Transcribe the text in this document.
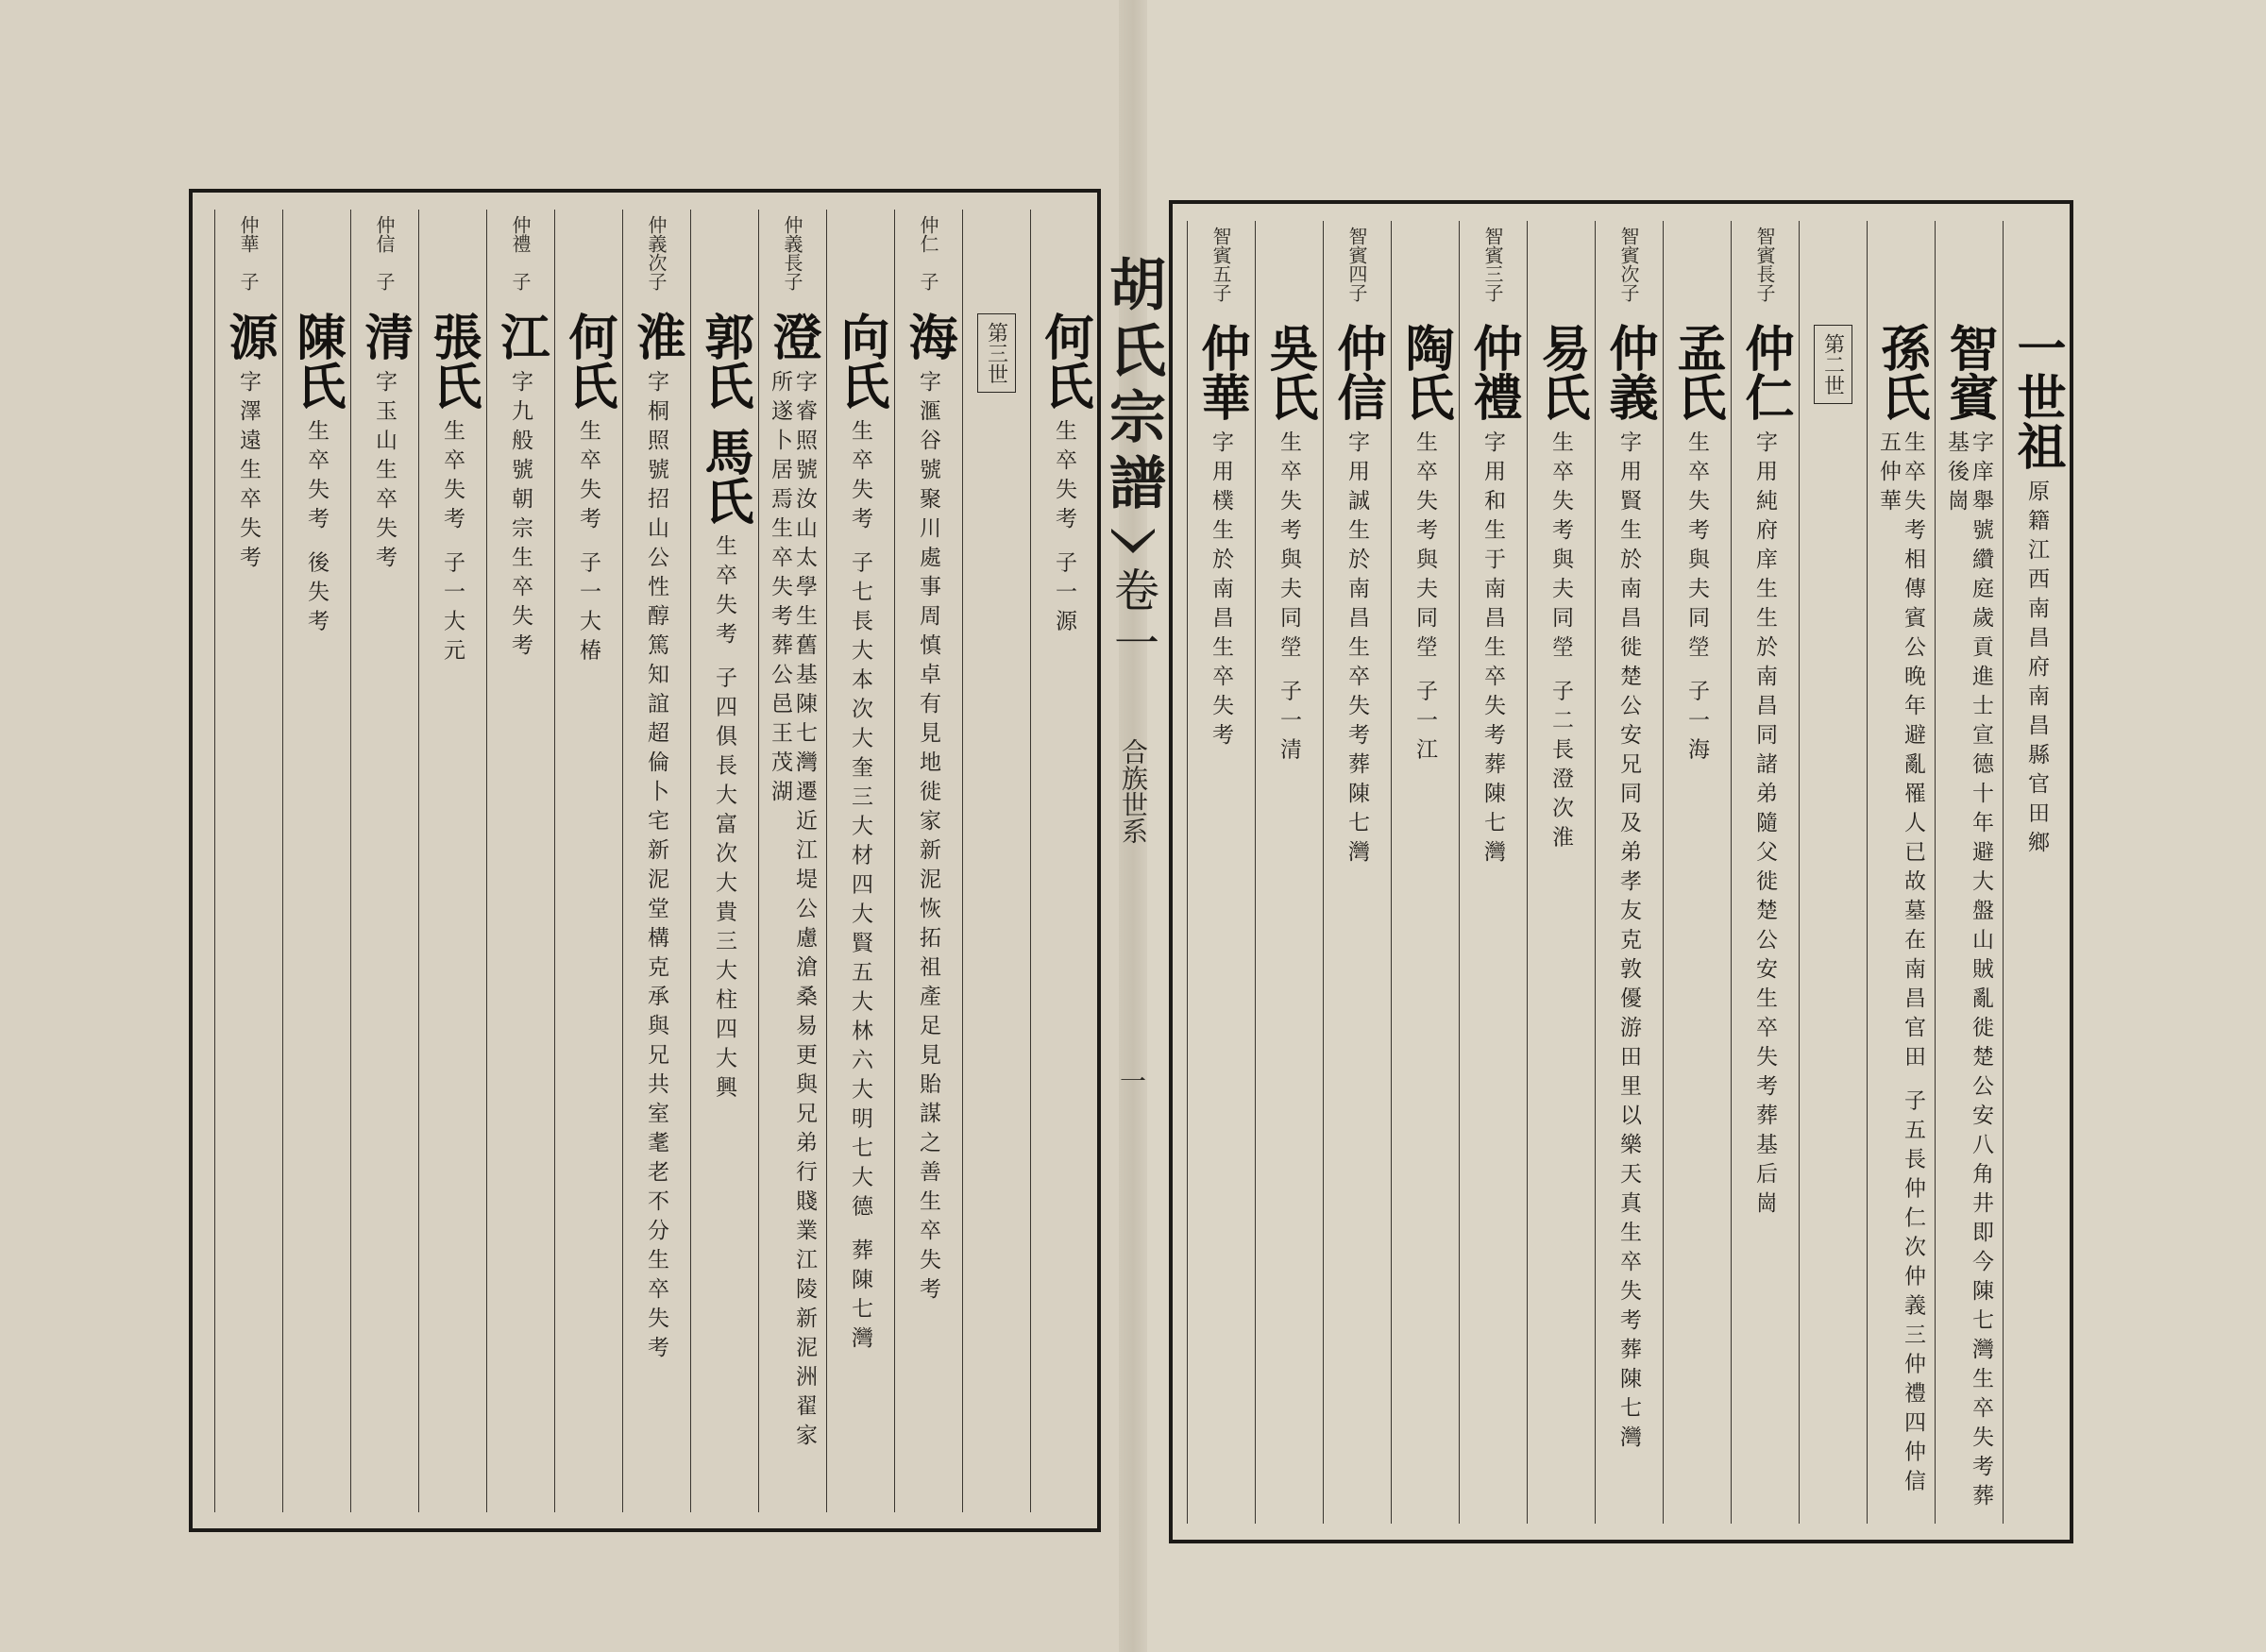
一世祖
原籍江西南昌府南昌縣官田鄉
智賓
字庠舉號纘庭歲貢進士宣德十年避大盤山賊亂徙楚公安八角井即今陳七灣生卒失考葬基後崗
孫氏
生卒失考相傳賓公晚年避亂罹人已故墓在南昌官田 子五長仲仁次仲義三仲禮四仲信五仲華
第二世
智賓長子
仲仁
字用純府庠生生於南昌同諸弟隨父徙楚公安生卒失考葬基后崗
孟氏
生卒失考與夫同塋 子一海
智賓次子
仲義
字用賢生於南昌徙楚公安兄同及弟孝友克敦優游田里以樂天真生卒失考葬陳七灣
易氏
生卒失考與夫同塋 子二長澄次淮
智賓三子
仲禮
字用和生于南昌生卒失考葬陳七灣
陶氏
生卒失考與夫同塋 子一江
智賓四子
仲信
字用誠生於南昌生卒失考葬陳七灣
吳氏
生卒失考與夫同塋 子一清
智賓五子
仲華
字用樸生於南昌生卒失考
胡氏宗譜
卷一
合族世系
一
何氏
生卒失考 子一源
第三世
仲仁　子
海
字滙谷號聚川處事周慎卓有見地徙家新泥恢拓祖產足見貽謀之善生卒失考
向氏
生卒失考 子七長大本次大奎三大材四大賢五大林六大明七大德 葬陳七灣
仲義長子
澄
字睿照號汝山太學生舊基陳七灣遷近江堤公慮滄桑易更與兄弟行賤業江陵新泥洲翟家所遂卜居焉生卒失考葬公邑王茂湖
郭氏 馬氏
生卒失考 子四俱長大富次大貴三大柱四大興
仲義次子
淮
字桐照號招山公性醇篤知誼超倫卜宅新泥堂構克承與兄共室耄老不分生卒失考
何氏
生卒失考 子一大椿
仲禮　子
江
字九般號朝宗生卒失考
張氏
生卒失考 子一大元
仲信　子
清
字玉山生卒失考
陳氏
生卒失考 後失考
仲華　子
源
字澤遠生卒失考
